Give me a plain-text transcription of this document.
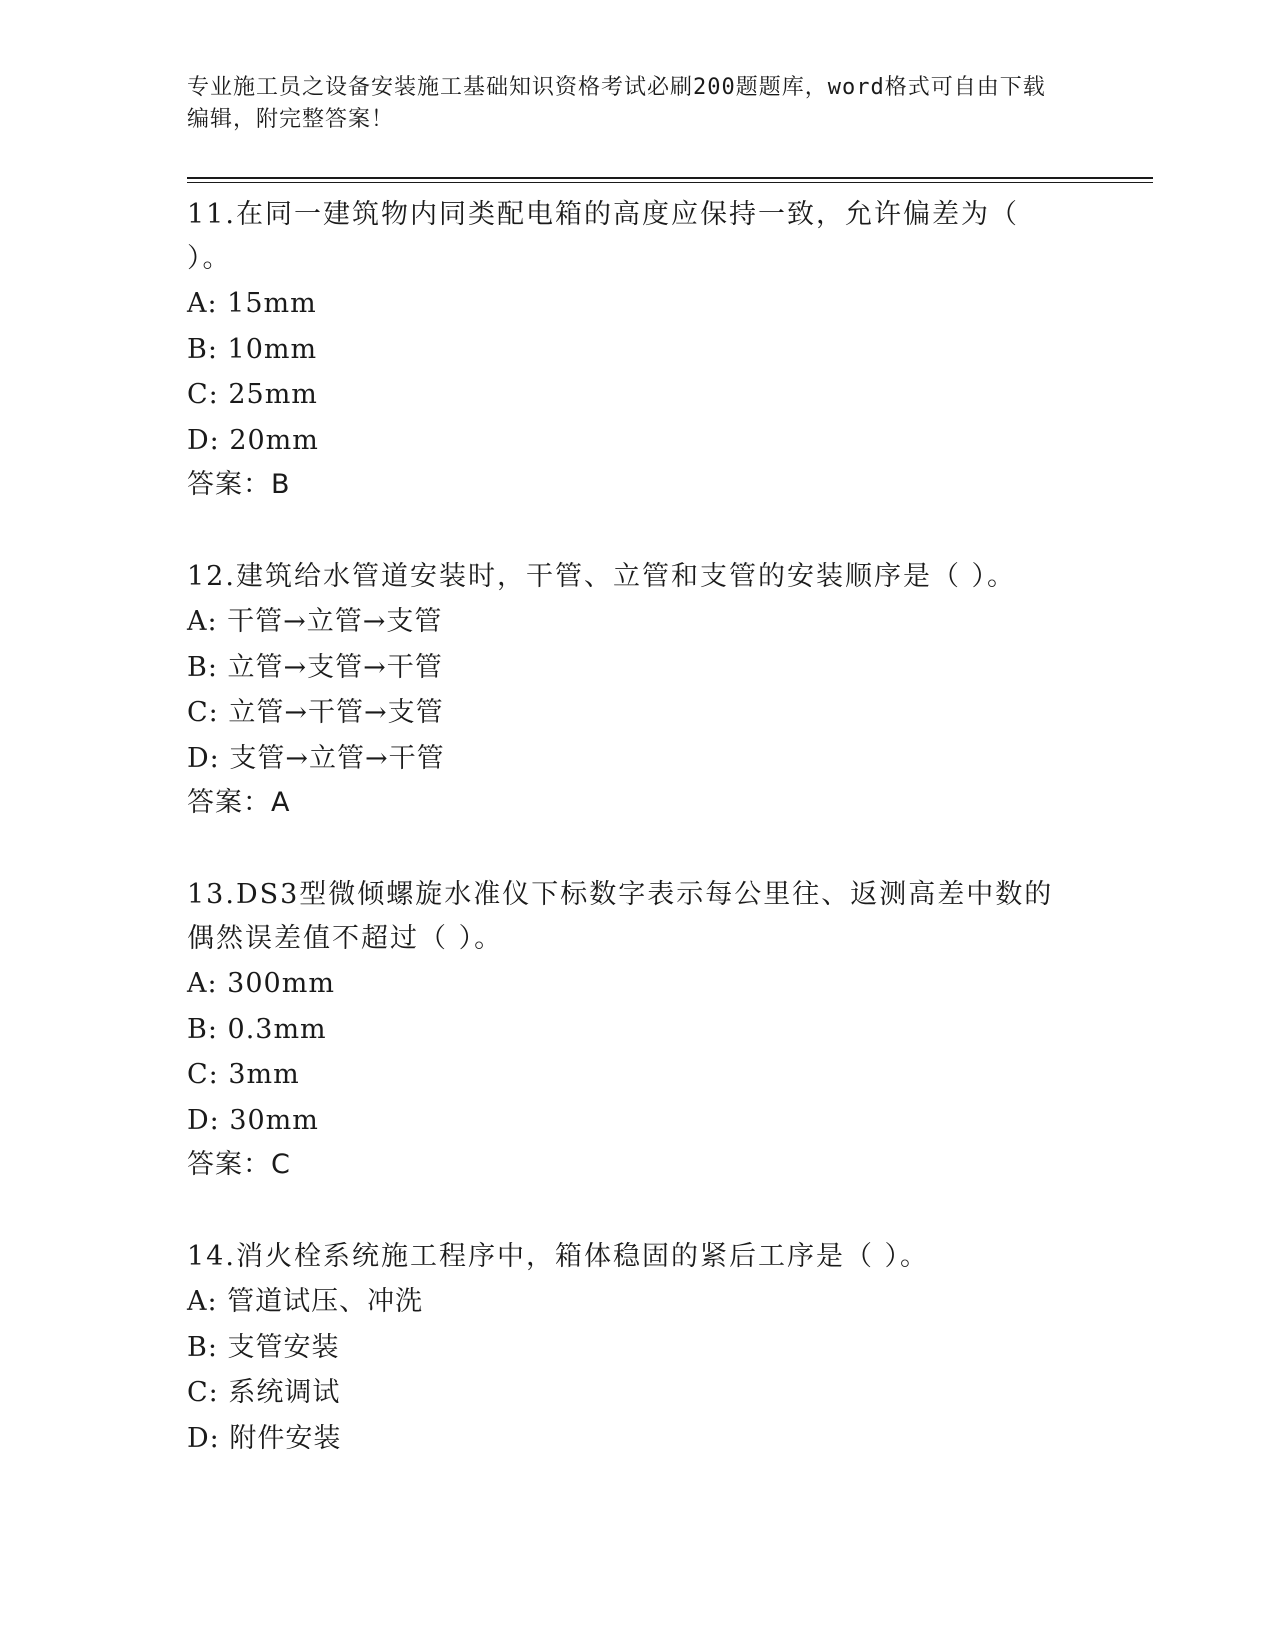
专业施工员之设备安装施工基础知识资格考试必刷200题题库，word格式可自由下载编辑，附完整答案！

11.在同一建筑物内同类配电箱的高度应保持一致，允许偏差为（ ）。

A: 15mm

B: 10mm

C: 25mm

D: 20mm

答案：B

12.建筑给水管道安装时，干管、立管和支管的安装顺序是（ ）。

A: 干管→立管→支管

B: 立管→支管→干管

C: 立管→干管→支管

D: 支管→立管→干管

答案：A

13.DS3型微倾螺旋水准仪下标数字表示每公里往、返测高差中数的偶然误差值不超过（ ）。

A: 300mm

B: 0.3mm

C: 3mm

D: 30mm

答案：C

14.消火栓系统施工程序中，箱体稳固的紧后工序是（ ）。

A: 管道试压、冲洗

B: 支管安装

C: 系统调试

D: 附件安装
